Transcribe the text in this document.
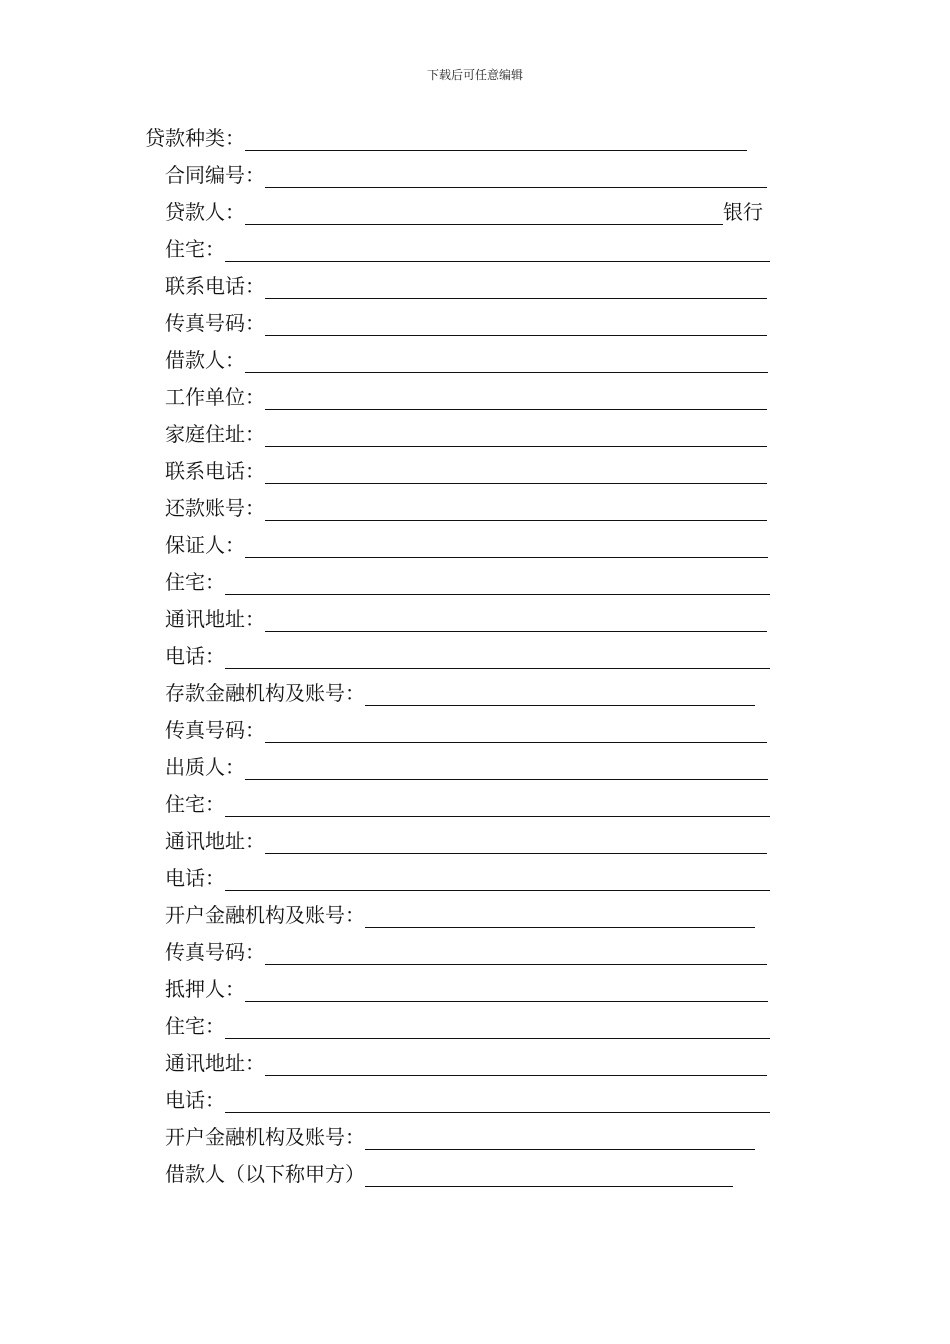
下载后可任意编辑
贷款种类：
合同编号：
贷款人：	银行
住宅：
联系电话：
传真号码：
借款人：
工作单位：
家庭住址：
联系电话：
还款账号：
保证人：
住宅：
通讯地址：
电话：
存款金融机构及账号：
传真号码：
出质人：
住宅：
通讯地址：
电话：
开户金融机构及账号：
传真号码：
抵押人：
住宅：
通讯地址：
电话：
开户金融机构及账号：
借款人（以下称甲方）
